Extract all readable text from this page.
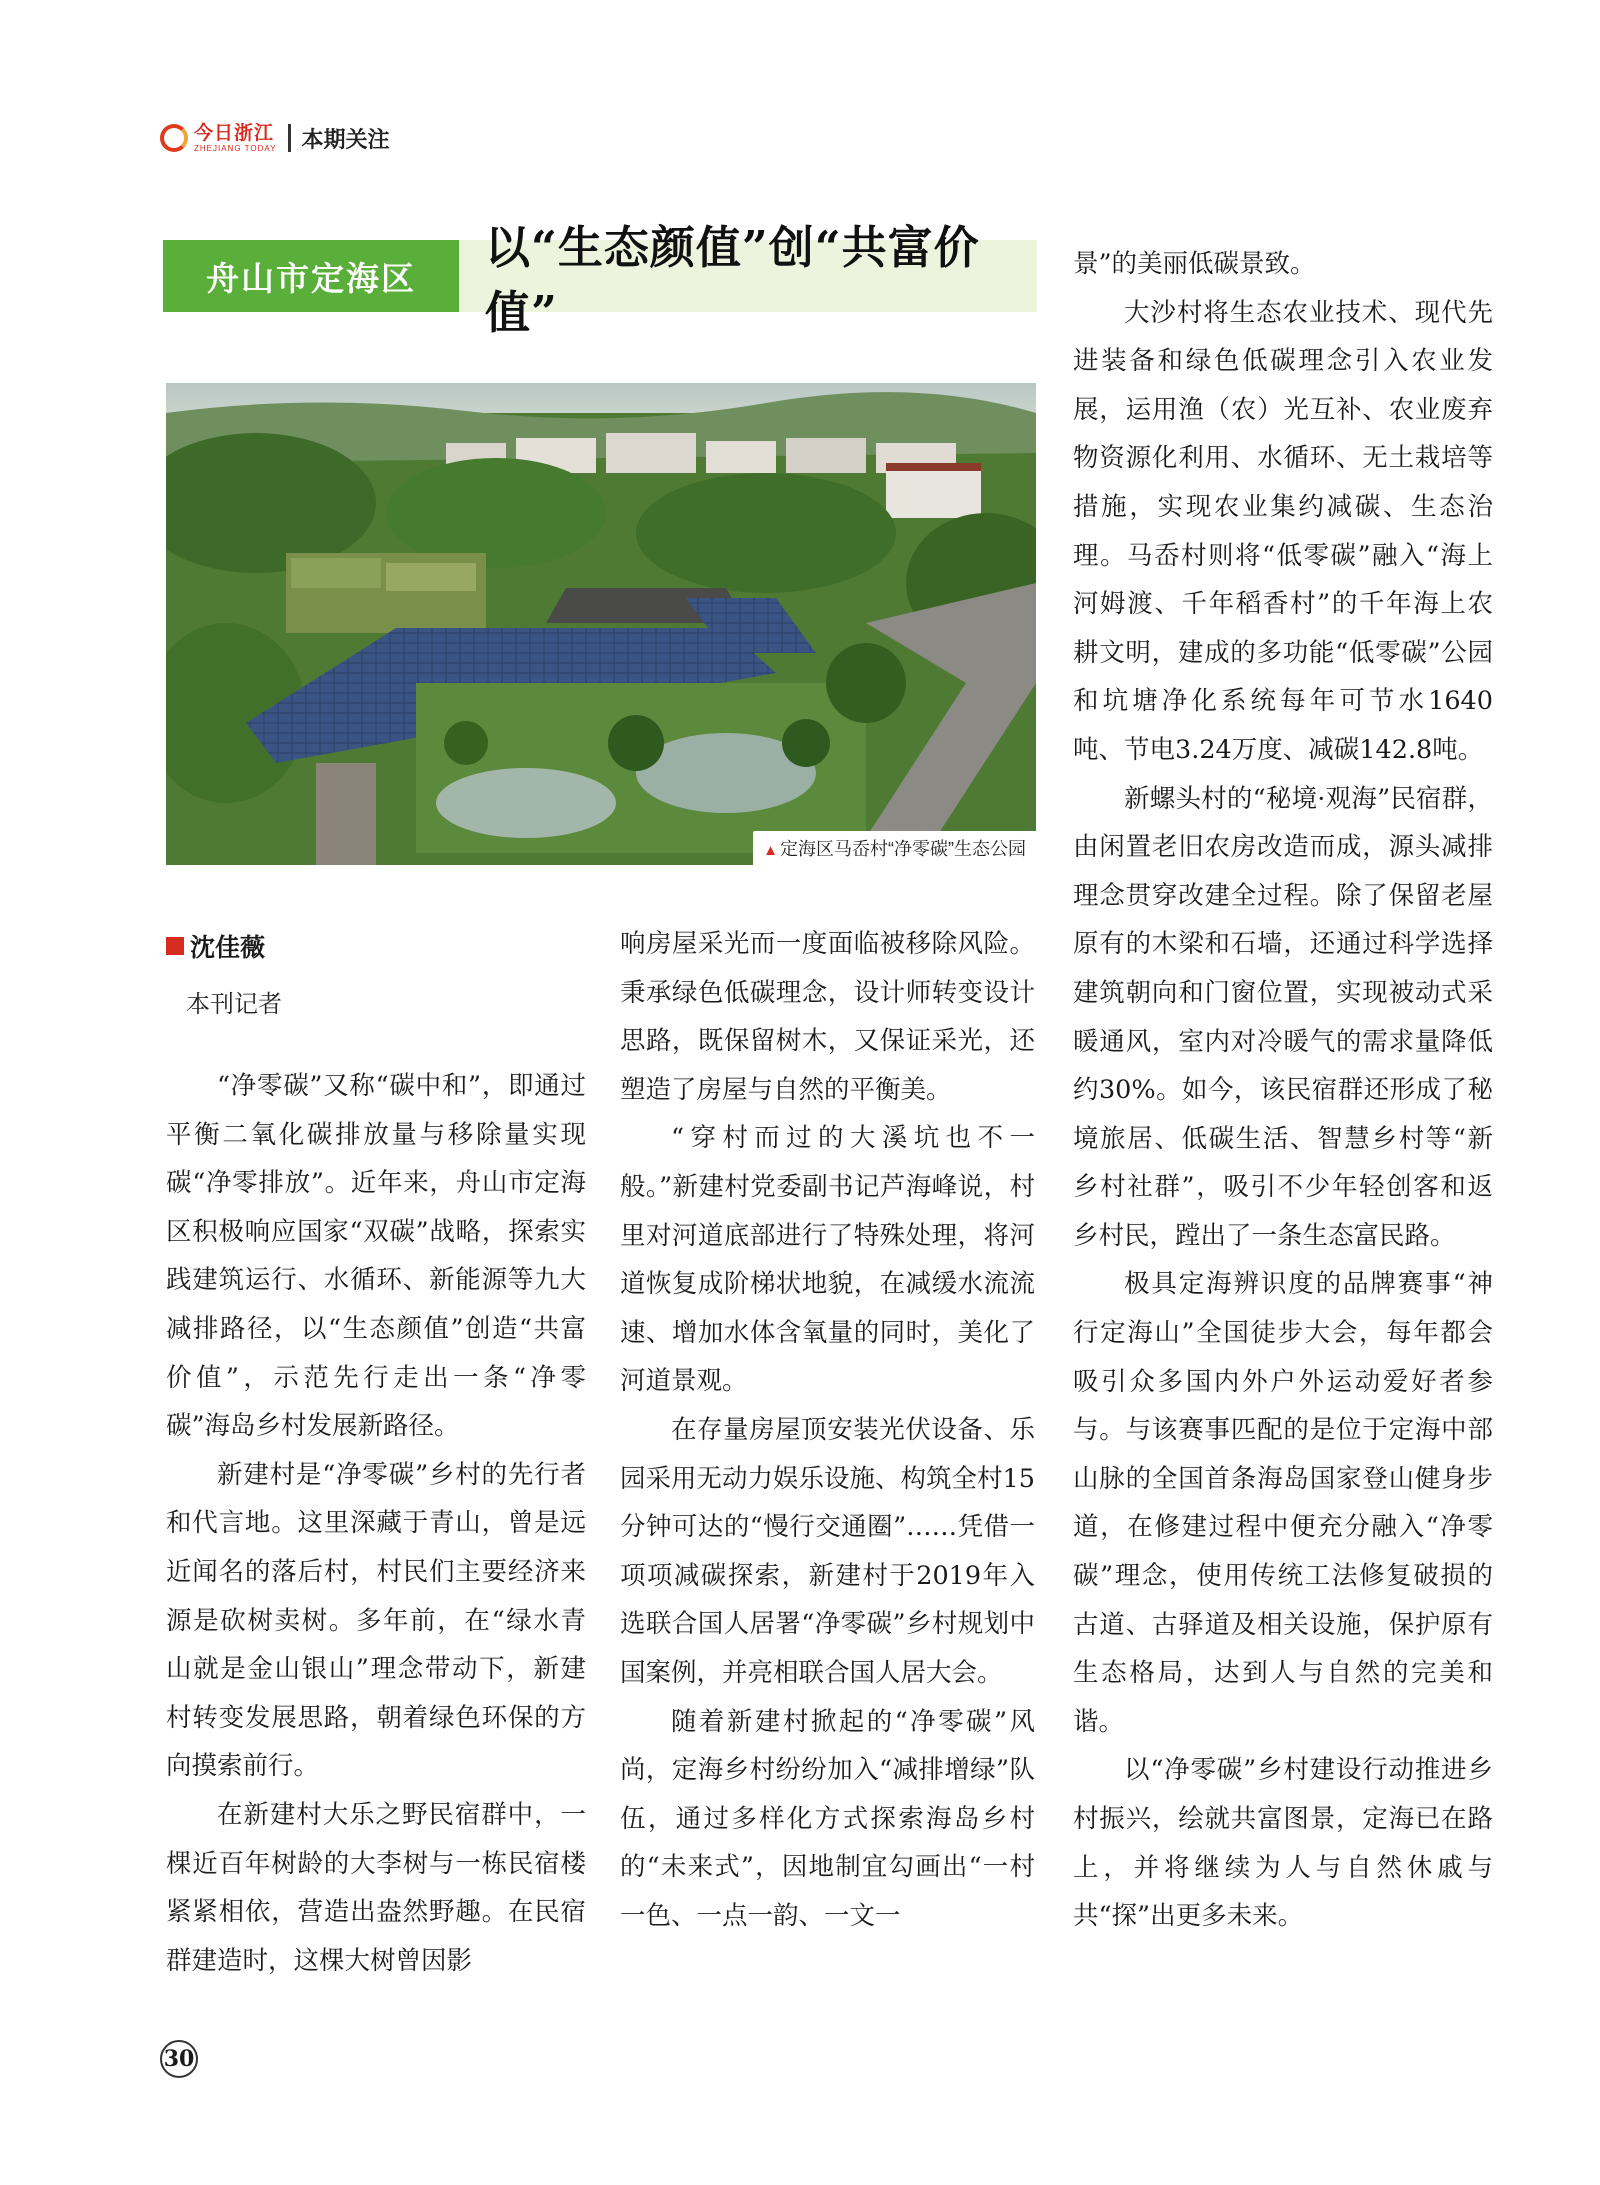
今日浙江
ZHEJIANG TODAY 本期关注
舟山市定海区
以“生态颜值”创“共富价值”
▲ 定海区马岙村“净零碳”生态公园
沈佳薇
本刊记者

“净零碳”又称“碳中和”，即通过平衡二氧化碳排放量与移除量实现碳“净零排放”。近年来，舟山市定海区积极响应国家“双碳”战略，探索实践建筑运行、水循环、新能源等九大减排路径，以“生态颜值”创造“共富价值”，示范先行走出一条“净零碳”海岛乡村发展新路径。

新建村是“净零碳”乡村的先行者和代言地。这里深藏于青山，曾是远近闻名的落后村，村民们主要经济来源是砍树卖树。多年前，在“绿水青山就是金山银山”理念带动下，新建村转变发展思路，朝着绿色环保的方向摸索前行。

在新建村大乐之野民宿群中，一棵近百年树龄的大李树与一栋民宿楼紧紧相依，营造出盎然野趣。在民宿群建造时，这棵大树曾因影

响房屋采光而一度面临被移除风险。秉承绿色低碳理念，设计师转变设计思路，既保留树木，又保证采光，还塑造了房屋与自然的平衡美。

“穿村而过的大溪坑也不一般。”新建村党委副书记芦海峰说，村里对河道底部进行了特殊处理，将河道恢复成阶梯状地貌，在减缓水流流速、增加水体含氧量的同时，美化了河道景观。

在存量房屋顶安装光伏设备、乐园采用无动力娱乐设施、构筑全村15分钟可达的“慢行交通圈”……凭借一项项减碳探索，新建村于2019年入选联合国人居署“净零碳”乡村规划中国案例，并亮相联合国人居大会。

随着新建村掀起的“净零碳”风尚，定海乡村纷纷加入“减排增绿”队伍，通过多样化方式探索海岛乡村的“未来式”，因地制宜勾画出“一村一色、一点一韵、一文一

景”的美丽低碳景致。

大沙村将生态农业技术、现代先进装备和绿色低碳理念引入农业发展，运用渔（农）光互补、农业废弃物资源化利用、水循环、无土栽培等措施，实现农业集约减碳、生态治理。马岙村则将“低零碳”融入“海上河姆渡、千年稻香村”的千年海上农耕文明，建成的多功能“低零碳”公园和坑塘净化系统每年可节水1640吨、节电3.24万度、减碳142.8吨。

新螺头村的“秘境·观海”民宿群，由闲置老旧农房改造而成，源头减排理念贯穿改建全过程。除了保留老屋原有的木梁和石墙，还通过科学选择建筑朝向和门窗位置，实现被动式采暖通风，室内对冷暖气的需求量降低约30%。如今，该民宿群还形成了秘境旅居、低碳生活、智慧乡村等“新乡村社群”，吸引不少年轻创客和返乡村民，蹚出了一条生态富民路。

极具定海辨识度的品牌赛事“神行定海山”全国徒步大会，每年都会吸引众多国内外户外运动爱好者参与。与该赛事匹配的是位于定海中部山脉的全国首条海岛国家登山健身步道，在修建过程中便充分融入“净零碳”理念，使用传统工法修复破损的古道、古驿道及相关设施，保护原有生态格局，达到人与自然的完美和谐。

以“净零碳”乡村建设行动推进乡村振兴，绘就共富图景，定海已在路上，并将继续为人与自然休戚与共“探”出更多未来。

30
